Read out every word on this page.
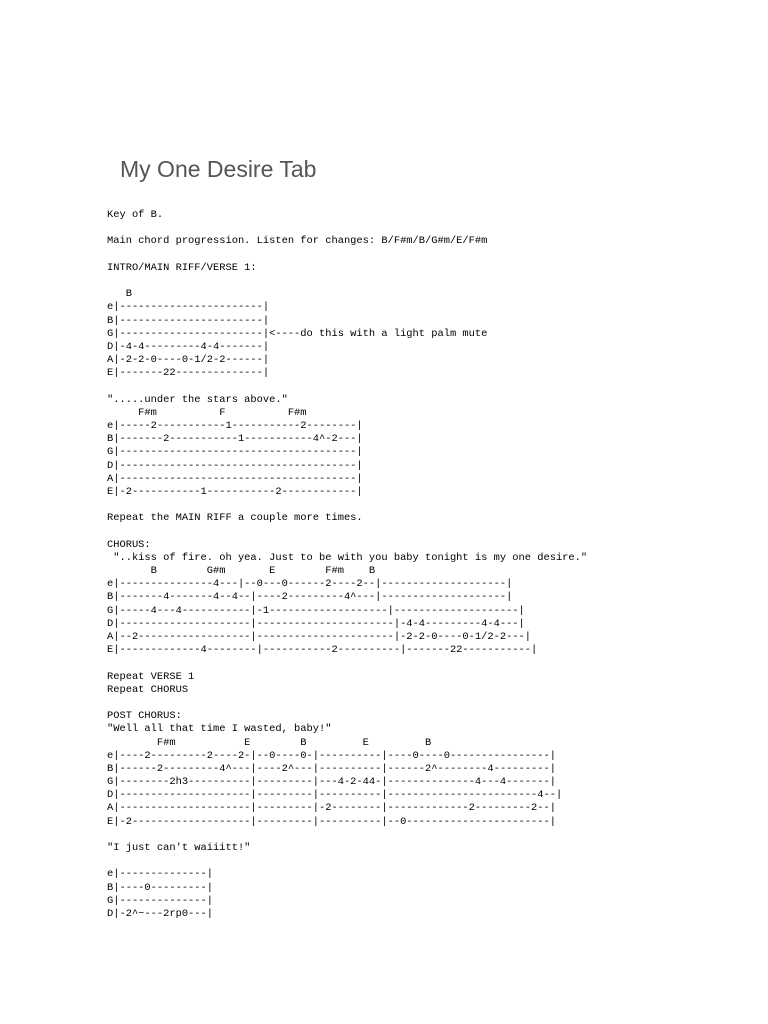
My One Desire Tab
Key of B.
Main chord progression. Listen for changes: B/F#m/B/G#m/E/F#m
INTRO/MAIN RIFF/VERSE 1:
B
e|-----------------------|
B|-----------------------|
G|-----------------------|<----do this with a light palm mute
D|-4-4---------4-4-------|
A|-2-2-0----0-1/2-2------|
E|-------22--------------|
".....under the stars above."
F#m          F          F#m
e|-----2-----------1-----------2--------|
B|-------2-----------1-----------4^-2---|
G|--------------------------------------|
D|--------------------------------------|
A|--------------------------------------|
E|-2-----------1-----------2------------|
Repeat the MAIN RIFF a couple more times.
CHORUS:
"..kiss of fire. oh yea. Just to be with you baby tonight is my one desire."
B        G#m       E        F#m    B
e|---------------4---|--0---0------2----2--|--------------------|
B|-------4-------4--4--|----2---------4^---|--------------------|
G|-----4---4-----------|-1-------------------|--------------------|
D|---------------------|----------------------|-4-4---------4-4---|
A|--2------------------|----------------------|-2-2-0----0-1/2-2---|
E|-------------4--------|-----------2----------|-------22-----------|
Repeat VERSE 1
Repeat CHORUS
POST CHORUS:
"Well all that time I wasted, baby!"
F#m           E        B         E         B
e|----2---------2----2-|--0----0-|----------|----0----0----------------|
B|------2---------4^---|----2^---|----------|------2^--------4---------|
G|--------2h3----------|---------|---4-2-44-|--------------4---4-------|
D|---------------------|---------|----------|------------------------4--|
A|---------------------|---------|-2--------|-------------2---------2--|
E|-2-------------------|---------|----------|--0-----------------------|
"I just can't waiiitt!"
e|--------------|
B|----0---------|
G|--------------|
D|-2^~---2rp0---|
